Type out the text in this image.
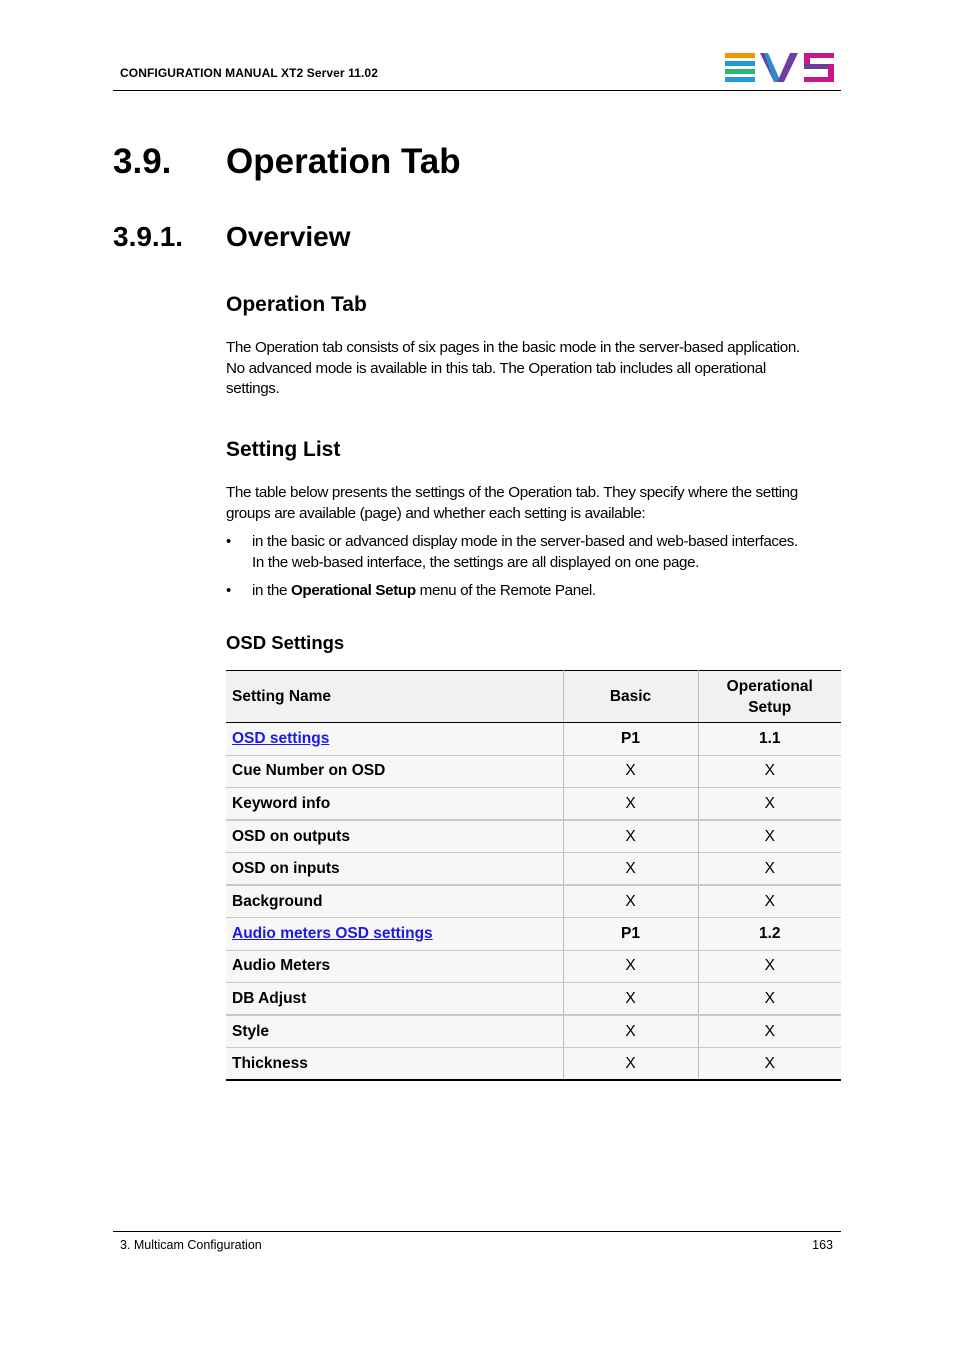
CONFIGURATION MANUAL XT2 Server 11.02
3.9. Operation Tab
3.9.1. Overview
Operation Tab
The Operation tab consists of six pages in the basic mode in the server-based application.
No advanced mode is available in this tab. The Operation tab includes all operational
settings.
Setting List
The table below presents the settings of the Operation tab. They specify where the setting
groups are available (page) and whether each setting is available:
• in the basic or advanced display mode in the server-based and web-based interfaces.
In the web-based interface, the settings are all displayed on one page.
• in the Operational Setup menu of the Remote Panel.
OSD Settings
Setting Name	Basic	Operational
Setup

OSD settings	P1	1.1
Cue Number on OSD	X	X
Keyword info	X	X
OSD on outputs	X	X
OSD on inputs	X	X
Background	X	X
Audio meters OSD settings	P1	1.2
Audio Meters	X	X
DB Adjust	X	X
Style	X	X
Thickness	X	X
3. Multicam Configuration	163
